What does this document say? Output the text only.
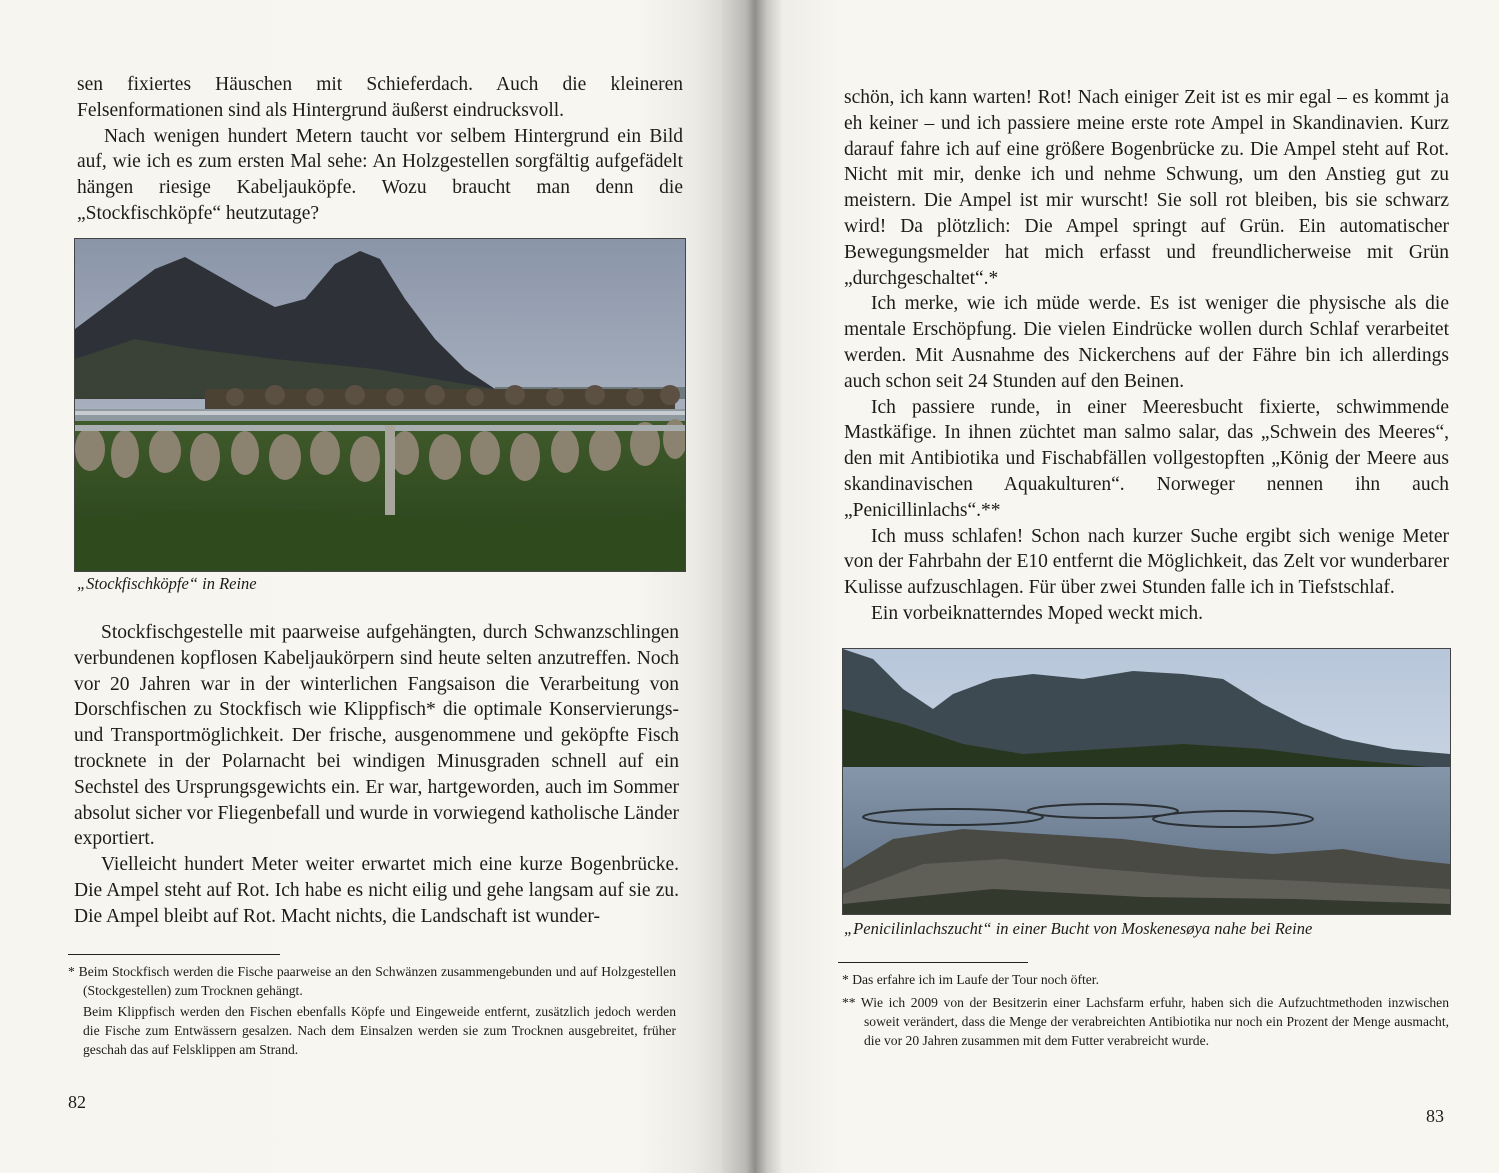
sen fixiertes Häuschen mit Schieferdach. Auch die kleineren Felsenformationen sind als Hintergrund äußerst eindrucksvoll.

Nach wenigen hundert Metern taucht vor selbem Hintergrund ein Bild auf, wie ich es zum ersten Mal sehe: An Holzgestellen sorgfältig aufgefädelt hängen riesige Kabeljauköpfe. Wozu braucht man denn die „Stockfischköpfe“ heutzutage?

„Stockfischköpfe“ in Reine

Stockfischgestelle mit paarweise aufgehängten, durch Schwanzschlingen verbundenen kopflosen Kabeljaukörpern sind heute selten anzutreffen. Noch vor 20 Jahren war in der winterlichen Fangsaison die Verarbeitung von Dorschfischen zu Stockfisch wie Klippfisch* die optimale Konservierungs- und Transportmöglichkeit. Der frische, ausgenommene und geköpfte Fisch trocknete in der Polarnacht bei windigen Minusgraden schnell auf ein Sechstel des Ursprungsgewichts ein. Er war, hartgeworden, auch im Sommer absolut sicher vor Fliegenbefall und wurde in vorwiegend katholische Länder exportiert.

Vielleicht hundert Meter weiter erwartet mich eine kurze Bogenbrücke. Die Ampel steht auf Rot. Ich habe es nicht eilig und gehe langsam auf sie zu. Die Ampel bleibt auf Rot. Macht nichts, die Landschaft ist wunder-

* Beim Stockfisch werden die Fische paarweise an den Schwänzen zusammengebunden und auf Holzgestellen (Stockgestellen) zum Trocknen gehängt.

Beim Klippfisch werden den Fischen ebenfalls Köpfe und Eingeweide entfernt, zusätzlich jedoch werden die Fische zum Entwässern gesalzen. Nach dem Einsalzen werden sie zum Trocknen ausgebreitet, früher geschah das auf Felsklippen am Strand.

82

schön, ich kann warten! Rot! Nach einiger Zeit ist es mir egal – es kommt ja eh keiner – und ich passiere meine erste rote Ampel in Skandinavien. Kurz darauf fahre ich auf eine größere Bogenbrücke zu. Die Ampel steht auf Rot. Nicht mit mir, denke ich und nehme Schwung, um den Anstieg gut zu meistern. Die Ampel ist mir wurscht! Sie soll rot bleiben, bis sie schwarz wird! Da plötzlich: Die Ampel springt auf Grün. Ein automatischer Bewegungsmelder hat mich erfasst und freundlicherweise mit Grün „durchgeschaltet“.*

Ich merke, wie ich müde werde. Es ist weniger die physische als die mentale Erschöpfung. Die vielen Eindrücke wollen durch Schlaf verarbeitet werden. Mit Ausnahme des Nickerchens auf der Fähre bin ich allerdings auch schon seit 24 Stunden auf den Beinen.

Ich passiere runde, in einer Meeresbucht fixierte, schwimmende Mastkäfige. In ihnen züchtet man salmo salar, das „Schwein des Meeres“, den mit Antibiotika und Fischabfällen vollgestopften „König der Meere aus skandinavischen Aquakulturen“. Norweger nennen ihn auch „Penicillinlachs“.**

Ich muss schlafen! Schon nach kurzer Suche ergibt sich wenige Meter von der Fahrbahn der E10 entfernt die Möglichkeit, das Zelt vor wunderbarer Kulisse aufzuschlagen. Für über zwei Stunden falle ich in Tiefstschlaf.

Ein vorbeiknatterndes Moped weckt mich.

„Penicilinlachszucht“ in einer Bucht von Moskenesøya nahe bei Reine

* Das erfahre ich im Laufe der Tour noch öfter.

** Wie ich 2009 von der Besitzerin einer Lachsfarm erfuhr, haben sich die Aufzuchtmethoden inzwischen soweit verändert, dass die Menge der verabreichten Antibiotika nur noch ein Prozent der Menge ausmacht, die vor 20 Jahren zusammen mit dem Futter verabreicht wurde.

83
